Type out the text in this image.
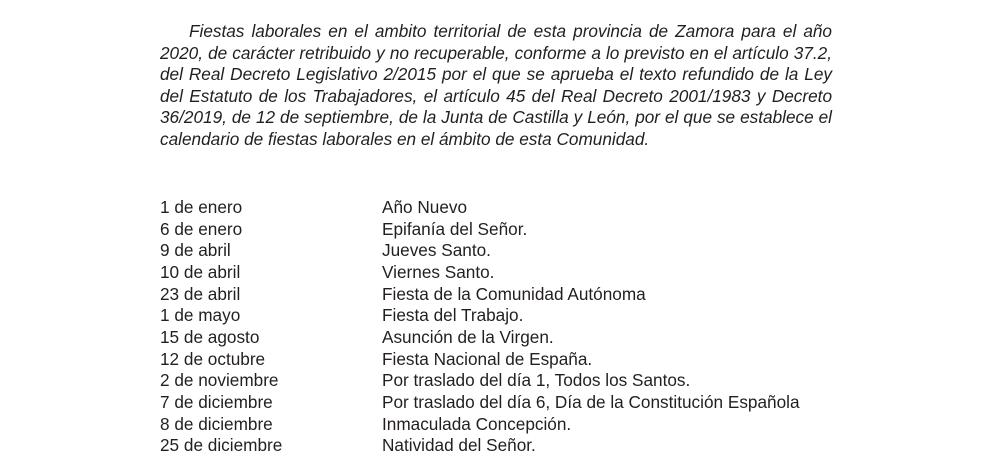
Fiestas laborales en el ambito territorial de esta provincia de Zamora para el año 2020, de carácter retribuido y no recuperable, conforme a lo previsto en el artículo 37.2, del Real Decreto Legislativo 2/2015 por el que se aprueba el texto refundido de la Ley del Estatuto de los Trabajadores, el artículo 45 del Real Decreto 2001/1983 y Decreto 36/2019, de 12 de septiembre, de la Junta de Castilla y León, por el que se establece el calendario de fiestas laborales en el ámbito de esta Comunidad.

1 de enero	Año Nuevo
6 de enero	Epifanía del Señor.
9 de abril	Jueves Santo.
10 de abril	Viernes Santo.
23 de abril	Fiesta de la Comunidad Autónoma
1 de mayo	Fiesta del Trabajo.
15 de agosto	Asunción de la Virgen.
12 de octubre	Fiesta Nacional de España.
2 de noviembre	Por traslado del día 1, Todos los Santos.
7 de diciembre	Por traslado del día 6, Día de la Constitución Española
8 de diciembre	Inmaculada Concepción.
25 de diciembre	Natividad del Señor.
